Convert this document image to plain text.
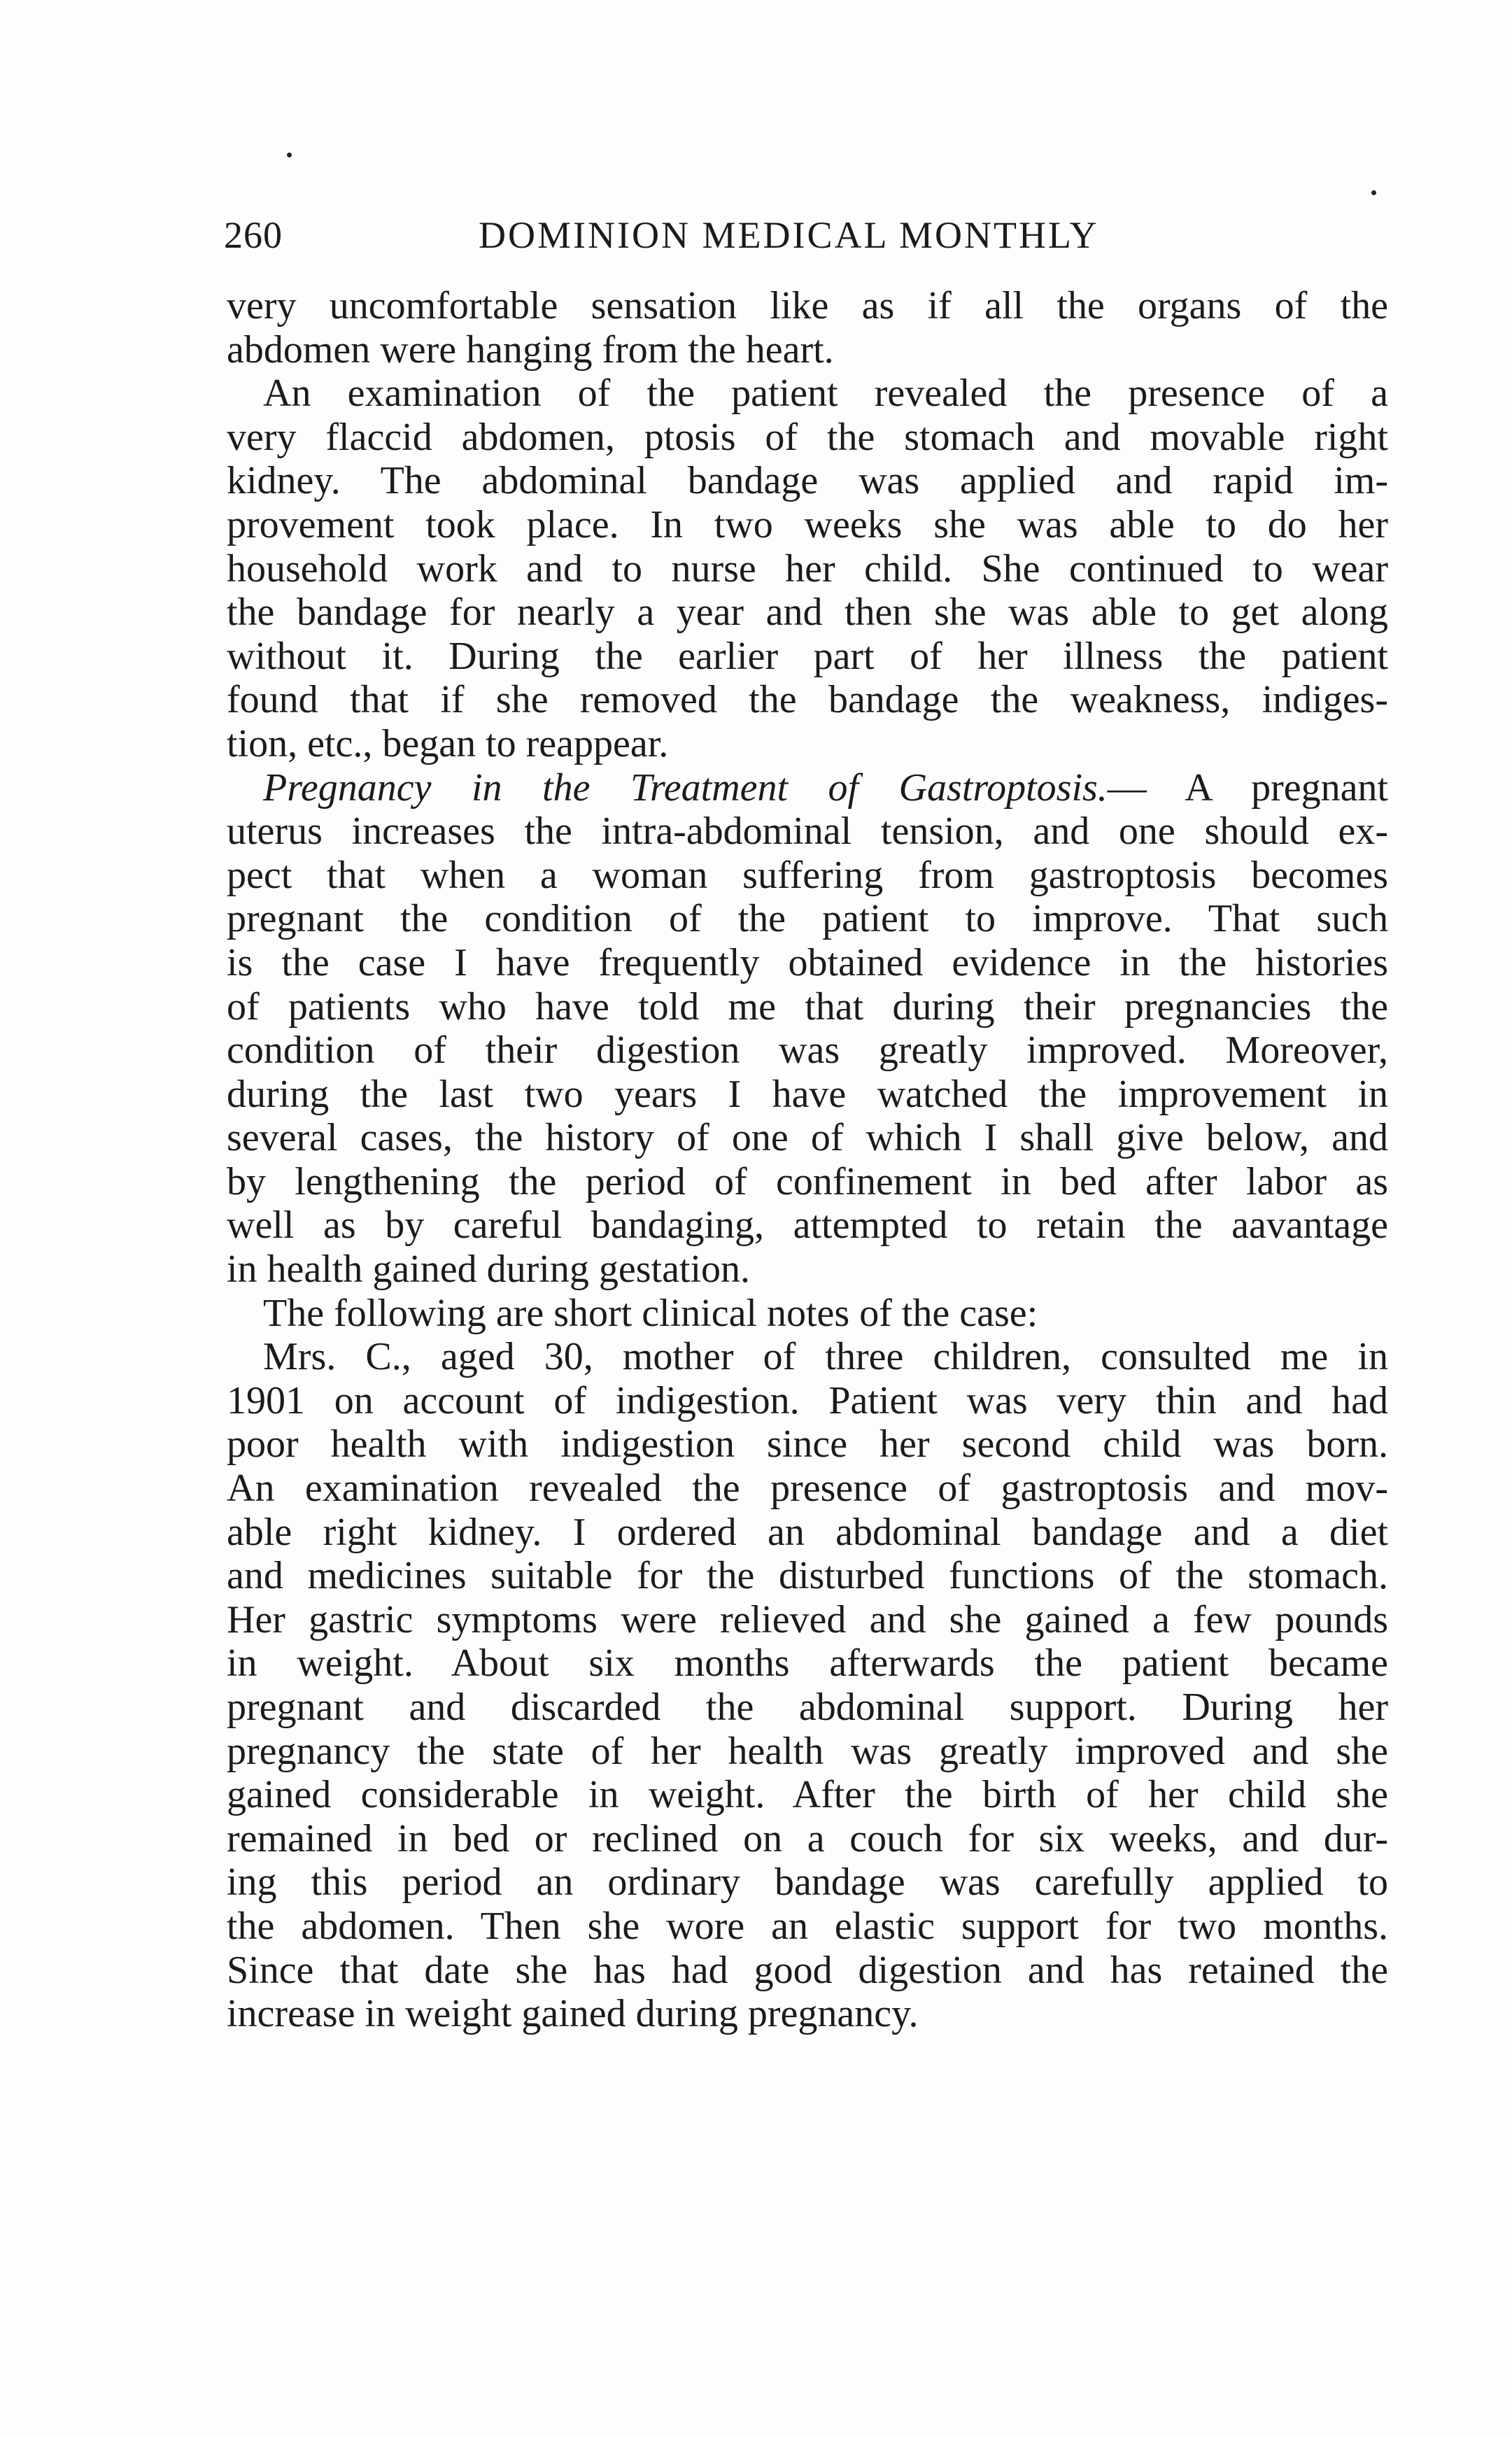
260	DOMINION MEDICAL MONTHLY
very uncomfortable sensation like as if all the organs of the
abdomen were hanging from the heart.
An examination of the patient revealed the presence of a
very flaccid abdomen, ptosis of the stomach and movable right
kidney. The abdominal bandage was applied and rapid im-
provement took place. In two weeks she was able to do her
household work and to nurse her child. She continued to wear
the bandage for nearly a year and then she was able to get along
without it. During the earlier part of her illness the patient
found that if she removed the bandage the weakness, indiges-
tion, etc., began to reappear.
Pregnancy in the Treatment of Gastroptosis.— A pregnant
uterus increases the intra-abdominal tension, and one should ex-
pect that when a woman suffering from gastroptosis becomes
pregnant the condition of the patient to improve. That such
is the case I have frequently obtained evidence in the histories
of patients who have told me that during their pregnancies the
condition of their digestion was greatly improved. Moreover,
during the last two years I have watched the improvement in
several cases, the history of one of which I shall give below, and
by lengthening the period of confinement in bed after labor as
well as by careful bandaging, attempted to retain the aavantage
in health gained during gestation.
The following are short clinical notes of the case:
Mrs. C., aged 30, mother of three children, consulted me in
1901 on account of indigestion. Patient was very thin and had
poor health with indigestion since her second child was born.
An examination revealed the presence of gastroptosis and mov-
able right kidney. I ordered an abdominal bandage and a diet
and medicines suitable for the disturbed functions of the stomach.
Her gastric symptoms were relieved and she gained a few pounds
in weight. About six months afterwards the patient became
pregnant and discarded the abdominal support. During her
pregnancy the state of her health was greatly improved and she
gained considerable in weight. After the birth of her child she
remained in bed or reclined on a couch for six weeks, and dur-
ing this period an ordinary bandage was carefully applied to
the abdomen. Then she wore an elastic support for two months.
Since that date she has had good digestion and has retained the
increase in weight gained during pregnancy.
